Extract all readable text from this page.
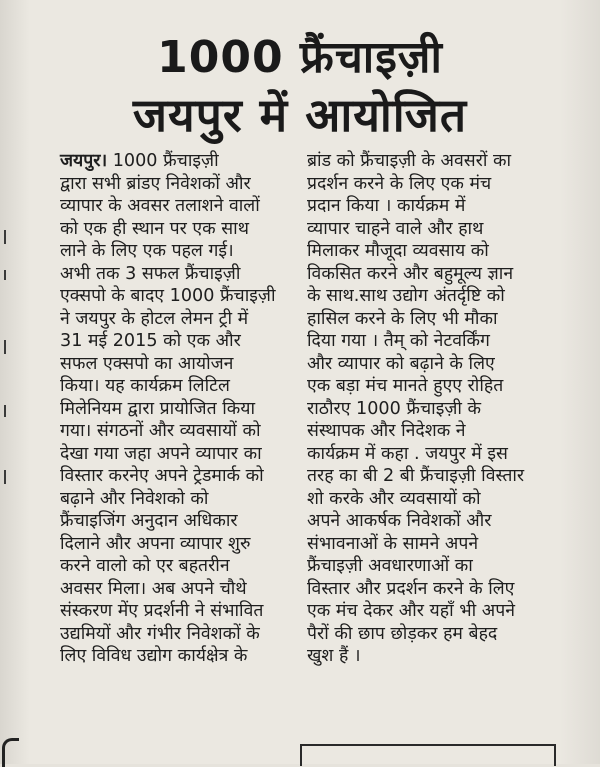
1000 फ्रैंचाइज़ी
जयपुर में आयोजित
जयपुर। 1000 फ्रैंचाइज़ी
द्वारा सभी ब्रांडए निवेशकों और
व्यापार के अवसर तलाशने वालों
को एक ही स्थान पर एक साथ
लाने के लिए एक पहल गई।
अभी तक 3 सफल फ्रैंचाइज़ी
एक्सपो के बादए 1000 फ्रैंचाइज़ी
ने जयपुर के होटल लेमन ट्री में
31 मई 2015 को एक और
सफल एक्सपो का आयोजन
किया। यह कार्यक्रम लिटिल
मिलेनियम द्वारा प्रायोजित किया
गया। संगठनों और व्यवसायों को
देखा गया जहा अपने व्यापार का
विस्तार करनेए अपने ट्रेडमार्क को
बढ़ाने और निवेशको को
फ्रैंचाइजिंग अनुदान अधिकार
दिलाने और अपना व्यापार शुरु
करने वालो को एर बहतरीन
अवसर मिला। अब अपने चौथे
संस्करण मेंए प्रदर्शनी ने संभावित
उद्यमियों और गंभीर निवेशकों के
लिए विविध उद्योग कार्यक्षेत्र के
ब्रांड को फ्रैंचाइज़ी के अवसरों का
प्रदर्शन करने के लिए एक मंच
प्रदान किया । कार्यक्रम में
व्यापार चाहने वाले और हाथ
मिलाकर मौजूदा व्यवसाय को
विकसित करने और बहुमूल्य ज्ञान
के साथ.साथ उद्योग अंतर्दृष्टि को
हासिल करने के लिए भी मौका
दिया गया । तैम् को नेटवर्किंग
और व्यापार को बढ़ाने के लिए
एक बड़ा मंच मानते हुएए रोहित
राठौरए 1000 फ्रैंचाइज़ी के
संस्थापक और निदेशक ने
कार्यक्रम में कहा . जयपुर में इस
तरह का बी 2 बी फ्रैंचाइज़ी विस्तार
शो करके और व्यवसायों को
अपने आकर्षक निवेशकों और
संभावनाओं के सामने अपने
फ्रैंचाइज़ी अवधारणाओं का
विस्तार और प्रदर्शन करने के लिए
एक मंच देकर और यहाँ भी अपने
पैरों की छाप छोड़कर हम बेहद
खुश हैं ।
